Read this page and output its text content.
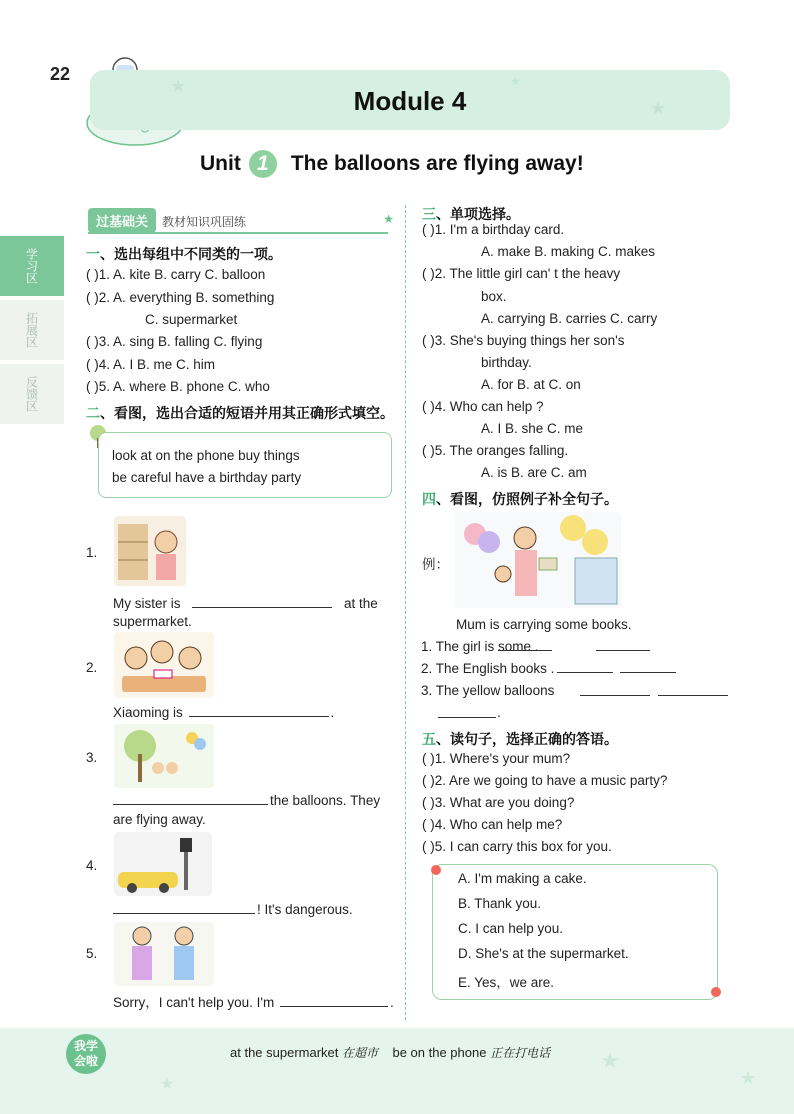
22
★
★
★
Module 4
Unit 1 The balloons are flying away!
学习区
拓展区
反馈区
过基础关 教材知识巩固练	★
一、选出每组中不同类的一项。
( )1. A. kite B. carry C. balloon
( )2. A. everything B. something
C. supermarket
( )3. A. sing B. falling C. flying
( )4. A. I B. me C. him
( )5. A. where B. phone C. who
二、看图，选出合适的短语并用其正确形式填空。
look at on the phone buy things
be careful have a birthday party
1.
My sister is	at the
supermarket.
2.
Xiaoming is	.
3.
the balloons. They
are flying away.
4.
! It's dangerous.
5.
Sorry，I can't help you. I'm	.
三、单项选择。
( )1. I'm a birthday card.
A. make B. making C. makes
( )2. The little girl can' t the heavy
box.
A. carrying B. carries C. carry
( )3. She's buying things her son's
birthday.
A. for B. at C. on
( )4. Who can help ?
A. I B. she C. me
( )5. The oranges falling.
A. is B. are C. am
四、看图，仿照例子补全句子。
例：
Mum is carrying some books.
1. The girl is some .
2. The English books .
3. The yellow balloons
.
五、读句子，选择正确的答语。
( )1. Where's your mum?
( )2. Are we going to have a music party?
( )3. What are you doing?
( )4. Who can help me?
( )5. I can carry this box for you.
A. I'm making a cake.
B. Thank you.
C. I can help you.
D. She's at the supermarket.
E. Yes，we are.
★
★
★
我学
会啦
at the supermarket 在超市 be on the phone 正在打电话
